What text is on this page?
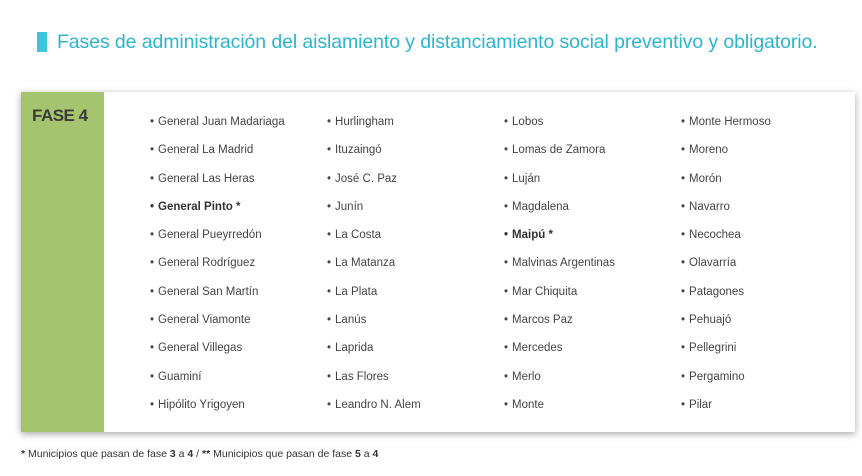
Fases de administración del aislamiento y distanciamiento social preventivo y obligatorio.
FASE 4	• General Juan Madariaga
• General La Madrid
• General Las Heras
• General Pinto *
• General Pueyrredón
• General Rodríguez
• General San Martín
• General Viamonte
• General Villegas
• Guaminí
• Hipólito Yrigoyen
• Hurlingham
• Ituzaingó
• José C. Paz
• Junín
• La Costa
• La Matanza
• La Plata
• Lanús
• Laprida
• Las Flores
• Leandro N. Alem
• Lobos
• Lomas de Zamora
• Luján
• Magdalena
• Maipú *
• Malvinas Argentinas
• Mar Chiquita
• Marcos Paz
• Mercedes
• Merlo
• Monte
• Monte Hermoso
• Moreno
• Morón
• Navarro
• Necochea
• Olavarría
• Patagones
• Pehuajó
• Pellegrini
• Pergamino
• Pilar
* Municipios que pasan de fase 3 a 4 / ** Municipios que pasan de fase 5 a 4
